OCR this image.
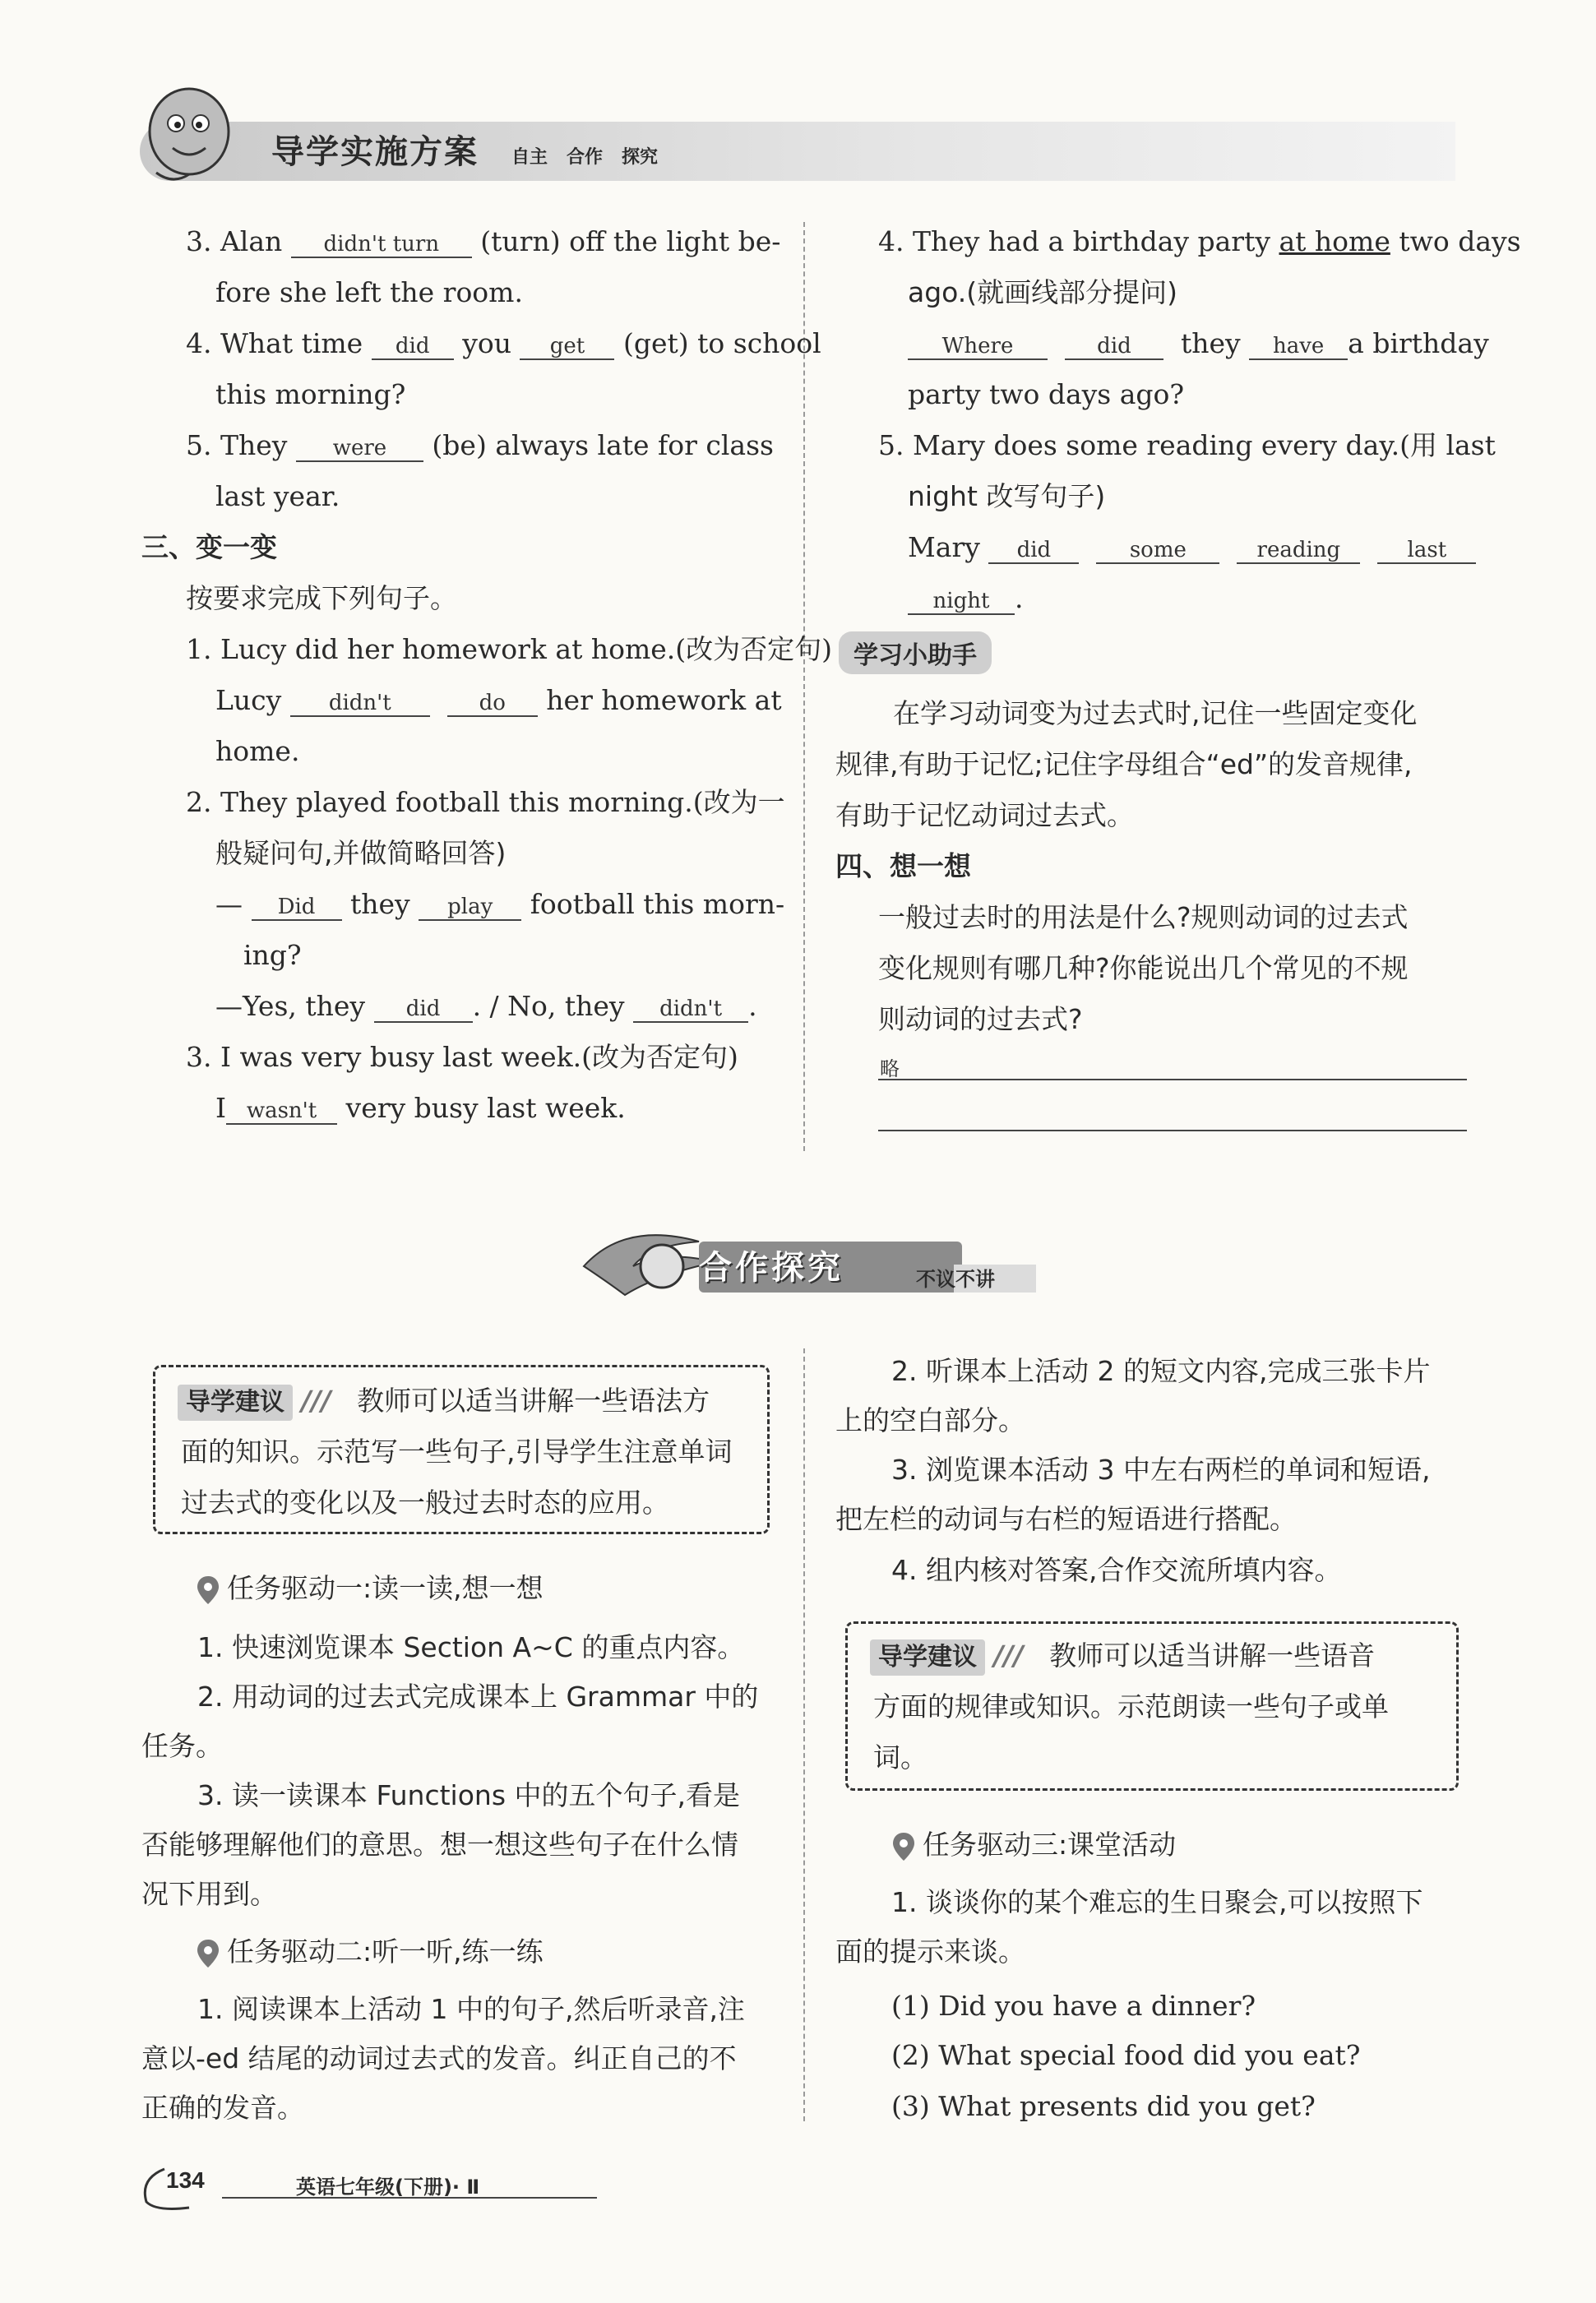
导学实施方案 自主 合作 探究
3. Alan didn't turn (turn) off the light be-
fore she left the room.
4. What time did you get (get) to school
this morning?
5. They were (be) always late for class
last year.
三、变一变
按要求完成下列句子。
1. Lucy did her homework at home.(改为否定句)
Lucy didn't	do her homework at
home.
2. They played football this morning.(改为一
般疑问句,并做简略回答)
— Did they play football this morn-
ing?
—Yes, they did . / No, they didn't .
3. I was very busy last week.(改为否定句)
I wasn't very busy last week.
4. They had a birthday party at home two days
ago.(就画线部分提问)
Where	did they have a birthday
party two days ago?
5. Mary does some reading every day.(用 last
night 改写句子)
Mary did	some	reading	last
night .
学习小助手
在学习动词变为过去式时,记住一些固定变化
规律,有助于记忆;记住字母组合“ed”的发音规律,
有助于记忆动词过去式。
四、想一想
一般过去时的用法是什么?规则动词的过去式
变化规则有哪几种?你能说出几个常见的不规
则动词的过去式?
略
合作探究	不议不讲
导学建议 /// 教师可以适当讲解一些语法方
面的知识。示范写一些句子,引导学生注意单词
过去式的变化以及一般过去时态的应用。
任务驱动一:读一读,想一想
1. 快速浏览课本 Section A~C 的重点内容。
2. 用动词的过去式完成课本上 Grammar 中的
任务。
3. 读一读课本 Functions 中的五个句子,看是
否能够理解他们的意思。想一想这些句子在什么情
况下用到。
任务驱动二:听一听,练一练
1. 阅读课本上活动 1 中的句子,然后听录音,注
意以-ed 结尾的动词过去式的发音。纠正自己的不
正确的发音。
2. 听课本上活动 2 的短文内容,完成三张卡片
上的空白部分。
3. 浏览课本活动 3 中左右两栏的单词和短语,
把左栏的动词与右栏的短语进行搭配。
4. 组内核对答案,合作交流所填内容。
导学建议 /// 教师可以适当讲解一些语音
方面的规律或知识。示范朗读一些句子或单
词。
任务驱动三:课堂活动
1. 谈谈你的某个难忘的生日聚会,可以按照下
面的提示来谈。
(1) Did you have a dinner?
(2) What special food did you eat?
(3) What presents did you get?
134	英语七年级(下册)· Ⅱ
